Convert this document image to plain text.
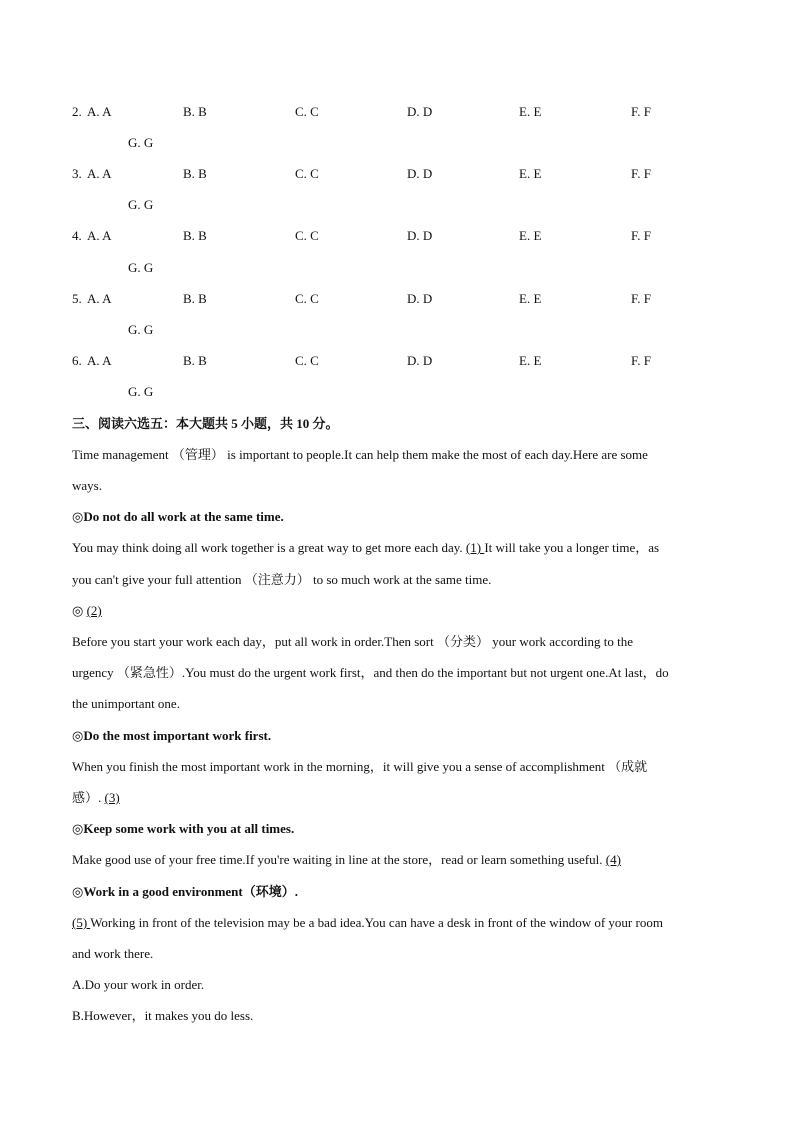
2. A. A	B. B	C. C	D. D	E. E	F. F
G. G
3. A. A	B. B	C. C	D. D	E. E	F. F
G. G
4. A. A	B. B	C. C	D. D	E. E	F. F
G. G
5. A. A	B. B	C. C	D. D	E. E	F. F
G. G
6. A. A	B. B	C. C	D. D	E. E	F. F
G. G
三、阅读六选五：本大题共 5 小题，共 10 分。
Time management （管理） is important to people.It can help them make the most of each day.Here are some
ways.
◎Do not do all work at the same time.
You may think doing all work together is a great way to get more each day. (1) It will take you a longer time，as
you can't give your full attention （注意力） to so much work at the same time.
◎ (2)
Before you start your work each day，put all work in order.Then sort （分类） your work according to the
urgency （紧急性）.You must do the urgent work first，and then do the important but not urgent one.At last，do
the unimportant one.
◎Do the most important work first.
When you finish the most important work in the morning，it will give you a sense of accomplishment （成就
感）. (3)
◎Keep some work with you at all times.
Make good use of your free time.If you're waiting in line at the store，read or learn something useful. (4)
◎Work in a good environment（环境）.
(5) Working in front of the television may be a bad idea.You can have a desk in front of the window of your room
and work there.
A.Do your work in order.
B.However，it makes you do less.
